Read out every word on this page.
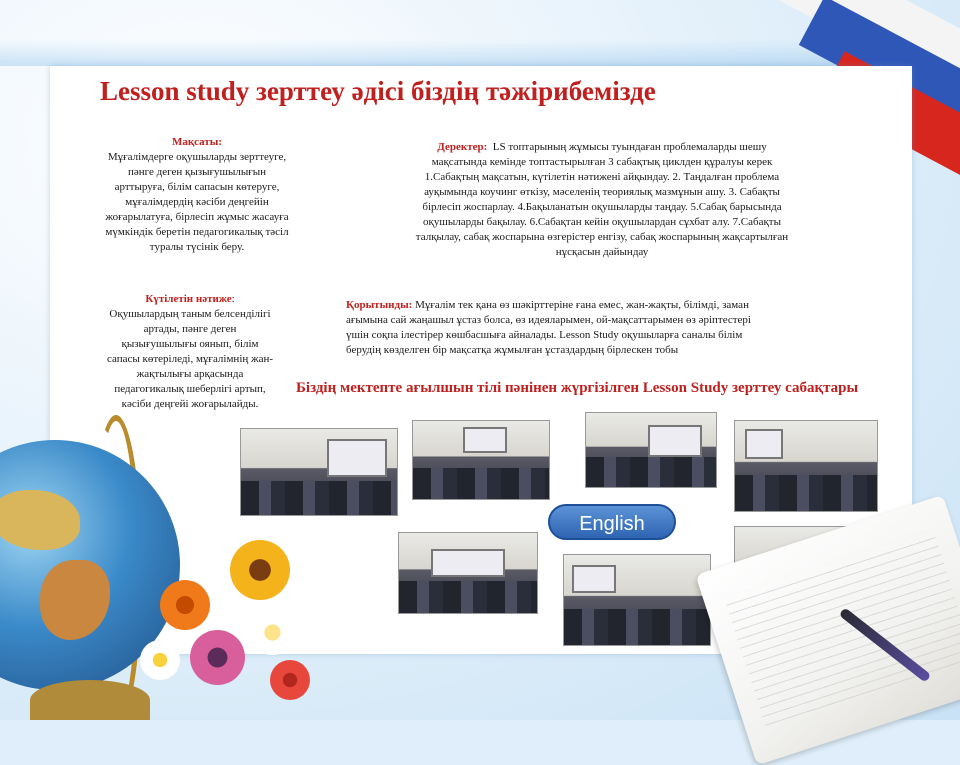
Lesson study зерттеу әдісі біздің тәжірибемізде
Мақсаты:
Мұғалімдерге оқушыларды зерттеуге,
пәнге деген қызығушылығын
арттыруға, білім сапасын көтеруге,
мұғалімдердің кәсіби деңгейін
жоғарылатуға, бірлесіп жұмыс жасауға
мүмкіндік беретін педагогикалық тәсіл
туралы түсінік беру.
Деректер: LS топтарының жұмысы туындаған проблемаларды шешу
мақсатында кемінде топтастырылған 3 сабақтық циклден құралуы керек
1.Сабақтың мақсатын, күтілетін нәтижені айқындау. 2. Таңдалған проблема
ауқымында коучинг өткізу, мәселенің теориялық мазмұнын ашу. 3. Сабақты
бірлесіп жоспарлау. 4.Бақыланатын оқушыларды таңдау. 5.Сабақ барысында
оқушыларды бақылау. 6.Сабақтан кейін оқушылардан сұхбат алу. 7.Сабақты
талқылау, сабақ жоспарына өзгерістер енгізу, сабақ жоспарының жақсартылған
нұсқасын дайындау
Күтілетін нәтиже:
Оқушылардың таным белсенділігі
артады, пәнге деген
қызығушылығы оянып, білім
сапасы көтеріледі, мұғалімнің жан-
жақтылығы арқасында
педагогикалық шеберлігі артып,
кәсіби деңгейі жоғарылайды.
Қорытынды: Мұғалім тек қана өз шәкірттеріне ғана емес, жан-жақты, білімді, заман
ағымына сай жаңашыл ұстаз болса, өз идеяларымен, ой-мақсаттарымен өз әріптестері
үшін соқпа ілестірер көшбасшыға айналады. Lesson Study оқушыларға саналы білім
берудің көзделген бір мақсатқа жұмылған ұстаздардың бірлескен тобы
Біздің мектепте ағылшын тілі пәнінен жүргізілген Lesson Study зерттеу сабақтары
English
